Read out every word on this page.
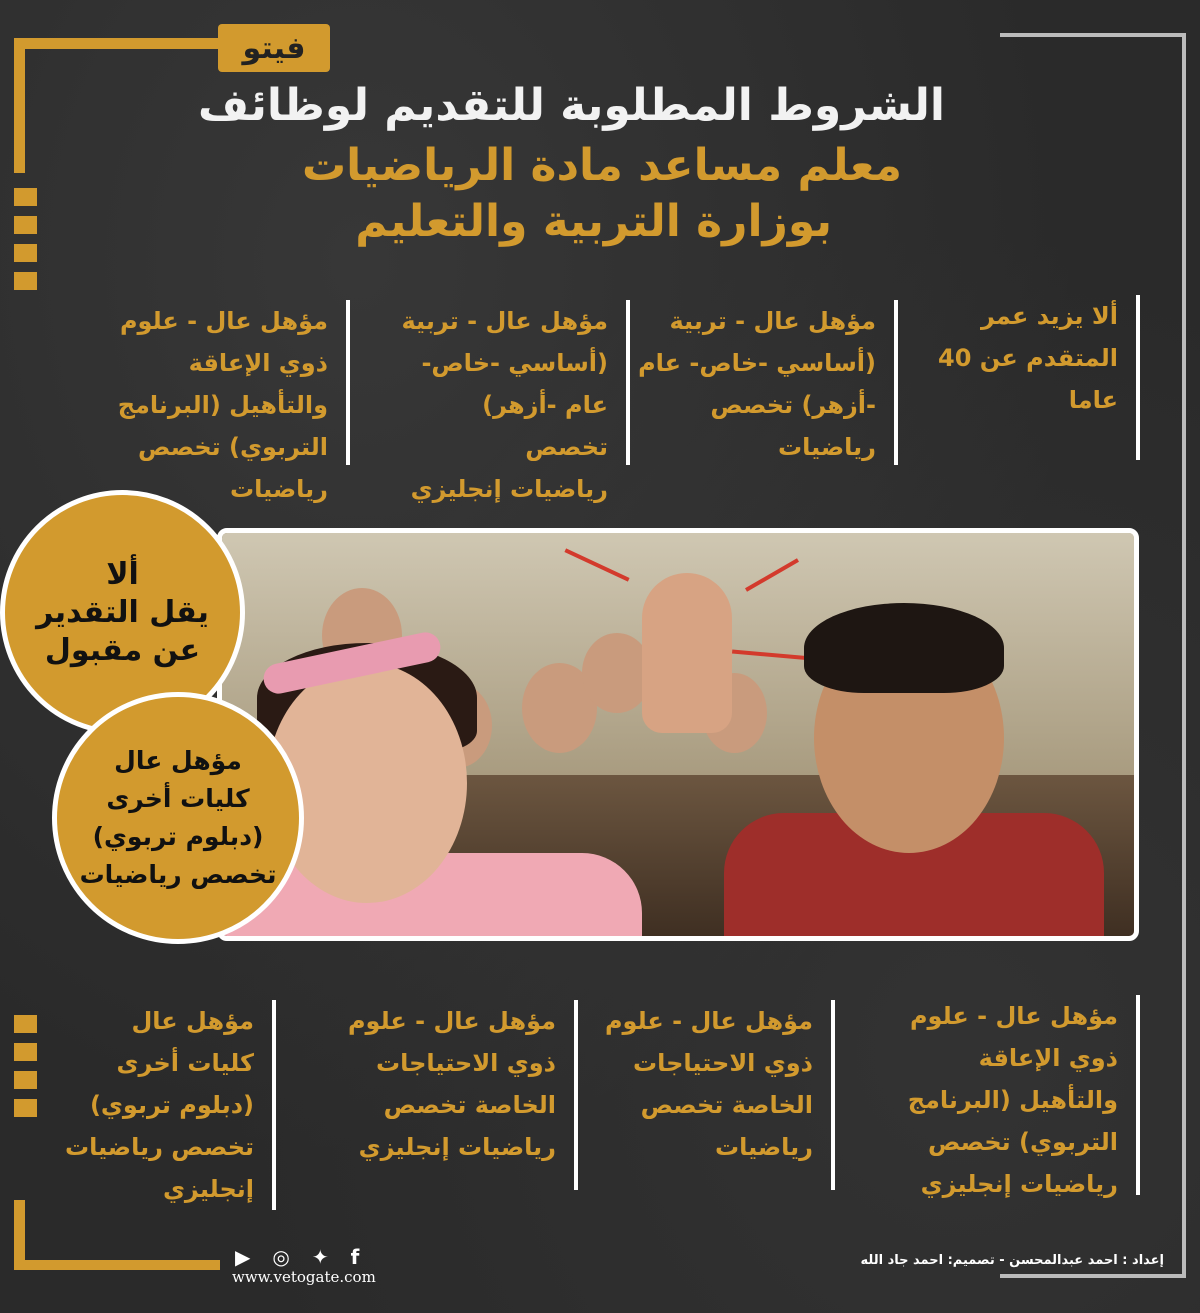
فيتو
الشروط المطلوبة للتقديم لوظائف
معلم مساعد مادة الرياضيات
بوزارة التربية والتعليم
ألا يزيد عمر
المتقدم عن 40
عاما
مؤهل عال - تربية
(أساسي -خاص- عام
-أزهر) تخصص
رياضيات
مؤهل عال - تربية
(أساسي -خاص-
عام -أزهر) تخصص
رياضيات إنجليزي
مؤهل عال - علوم
ذوي الإعاقة
والتأهيل (البرنامج
التربوي) تخصص
رياضيات
ألا
يقل التقدير
عن مقبول
مؤهل عال
كليات أخرى
(دبلوم تربوي)
تخصص رياضيات
مؤهل عال - علوم
ذوي الإعاقة
والتأهيل (البرنامج
التربوي) تخصص
رياضيات إنجليزي
مؤهل عال - علوم
ذوي الاحتياجات
الخاصة تخصص
رياضيات
مؤهل عال - علوم
ذوي الاحتياجات
الخاصة تخصص
رياضيات إنجليزي
مؤهل عال
كليات أخرى
(دبلوم تربوي)
تخصص رياضيات
إنجليزي
▶ ◎ ✦ f
www.vetogate.com
إعداد : احمد عبدالمحسن - تصميم: احمد جاد الله
